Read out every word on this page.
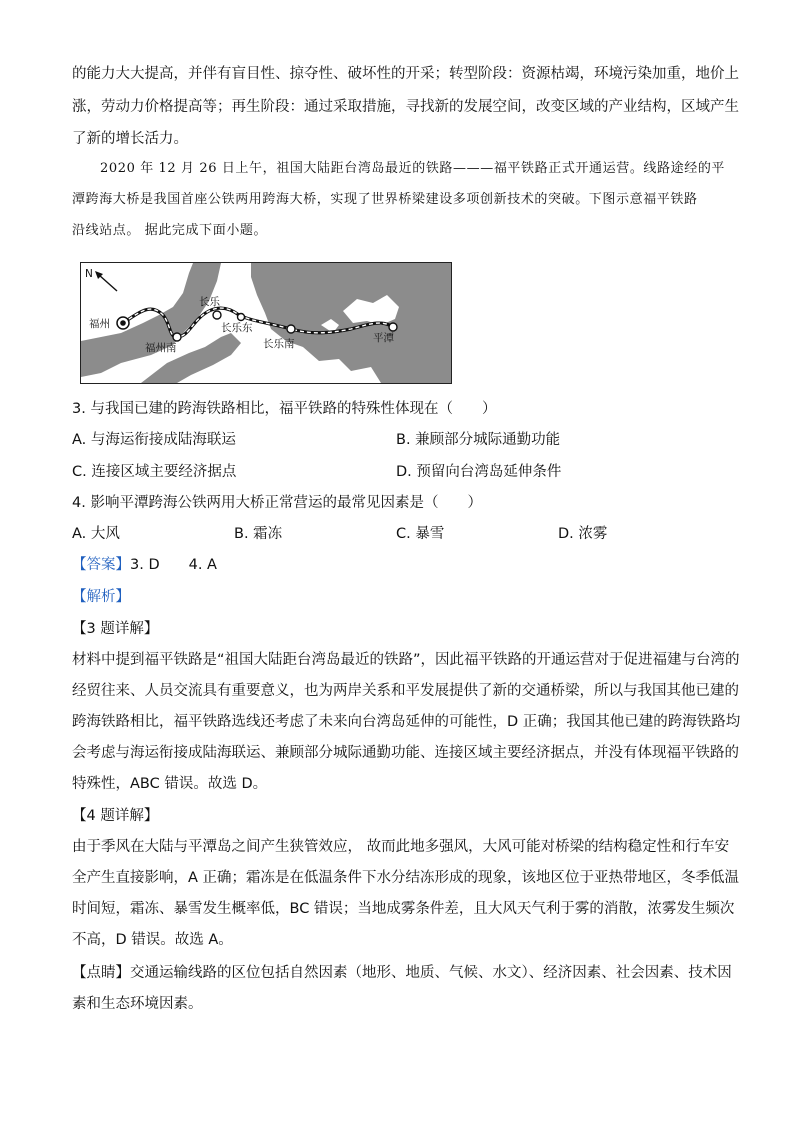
的能力大大提高，并伴有盲目性、掠夺性、破坏性的开采；转型阶段：资源枯竭，环境污染加重，地价上
涨，劳动力价格提高等；再生阶段：通过采取措施，寻找新的发展空间，改变区域的产业结构，区域产生
了新的增长活力。
2020 年 12 月 26 日上午，祖国大陆距台湾岛最近的铁路———福平铁路正式开通运营。线路途经的平
潭跨海大桥是我国首座公铁两用跨海大桥，实现了世界桥梁建设多项创新技术的突破。下图示意福平铁路
沿线站点。 据此完成下面小题。
N
福州
福州南
长乐
长乐东
长乐南	平潭
3. 与我国已建的跨海铁路相比，福平铁路的特殊性体现在（　　）
A. 与海运衔接成陆海联运	B. 兼顾部分城际通勤功能
C. 连接区域主要经济据点	D. 预留向台湾岛延伸条件
4. 影响平潭跨海公铁两用大桥正常营运的最常见因素是（　　）
A. 大风	B. 霜冻	C. 暴雪	D. 浓雾
【答案】3. D　　4. A
【解析】
【3 题详解】
材料中提到福平铁路是“祖国大陆距台湾岛最近的铁路”，因此福平铁路的开通运营对于促进福建与台湾的
经贸往来、人员交流具有重要意义，也为两岸关系和平发展提供了新的交通桥梁，所以与我国其他已建的
跨海铁路相比，福平铁路选线还考虑了未来向台湾岛延伸的可能性，D 正确；我国其他已建的跨海铁路均
会考虑与海运衔接成陆海联运、兼顾部分城际通勤功能、连接区域主要经济据点，并没有体现福平铁路的
特殊性，ABC 错误。故选 D。
【4 题详解】
由于季风在大陆与平潭岛之间产生狭管效应， 故而此地多强风，大风可能对桥梁的结构稳定性和行车安
全产生直接影响，A 正确；霜冻是在低温条件下水分结冻形成的现象，该地区位于亚热带地区，冬季低温
时间短，霜冻、暴雪发生概率低，BC 错误；当地成雾条件差，且大风天气利于雾的消散，浓雾发生频次
不高，D 错误。故选 A。
【点睛】交通运输线路的区位包括自然因素（地形、地质、气候、水文）、经济因素、社会因素、技术因
素和生态环境因素。
